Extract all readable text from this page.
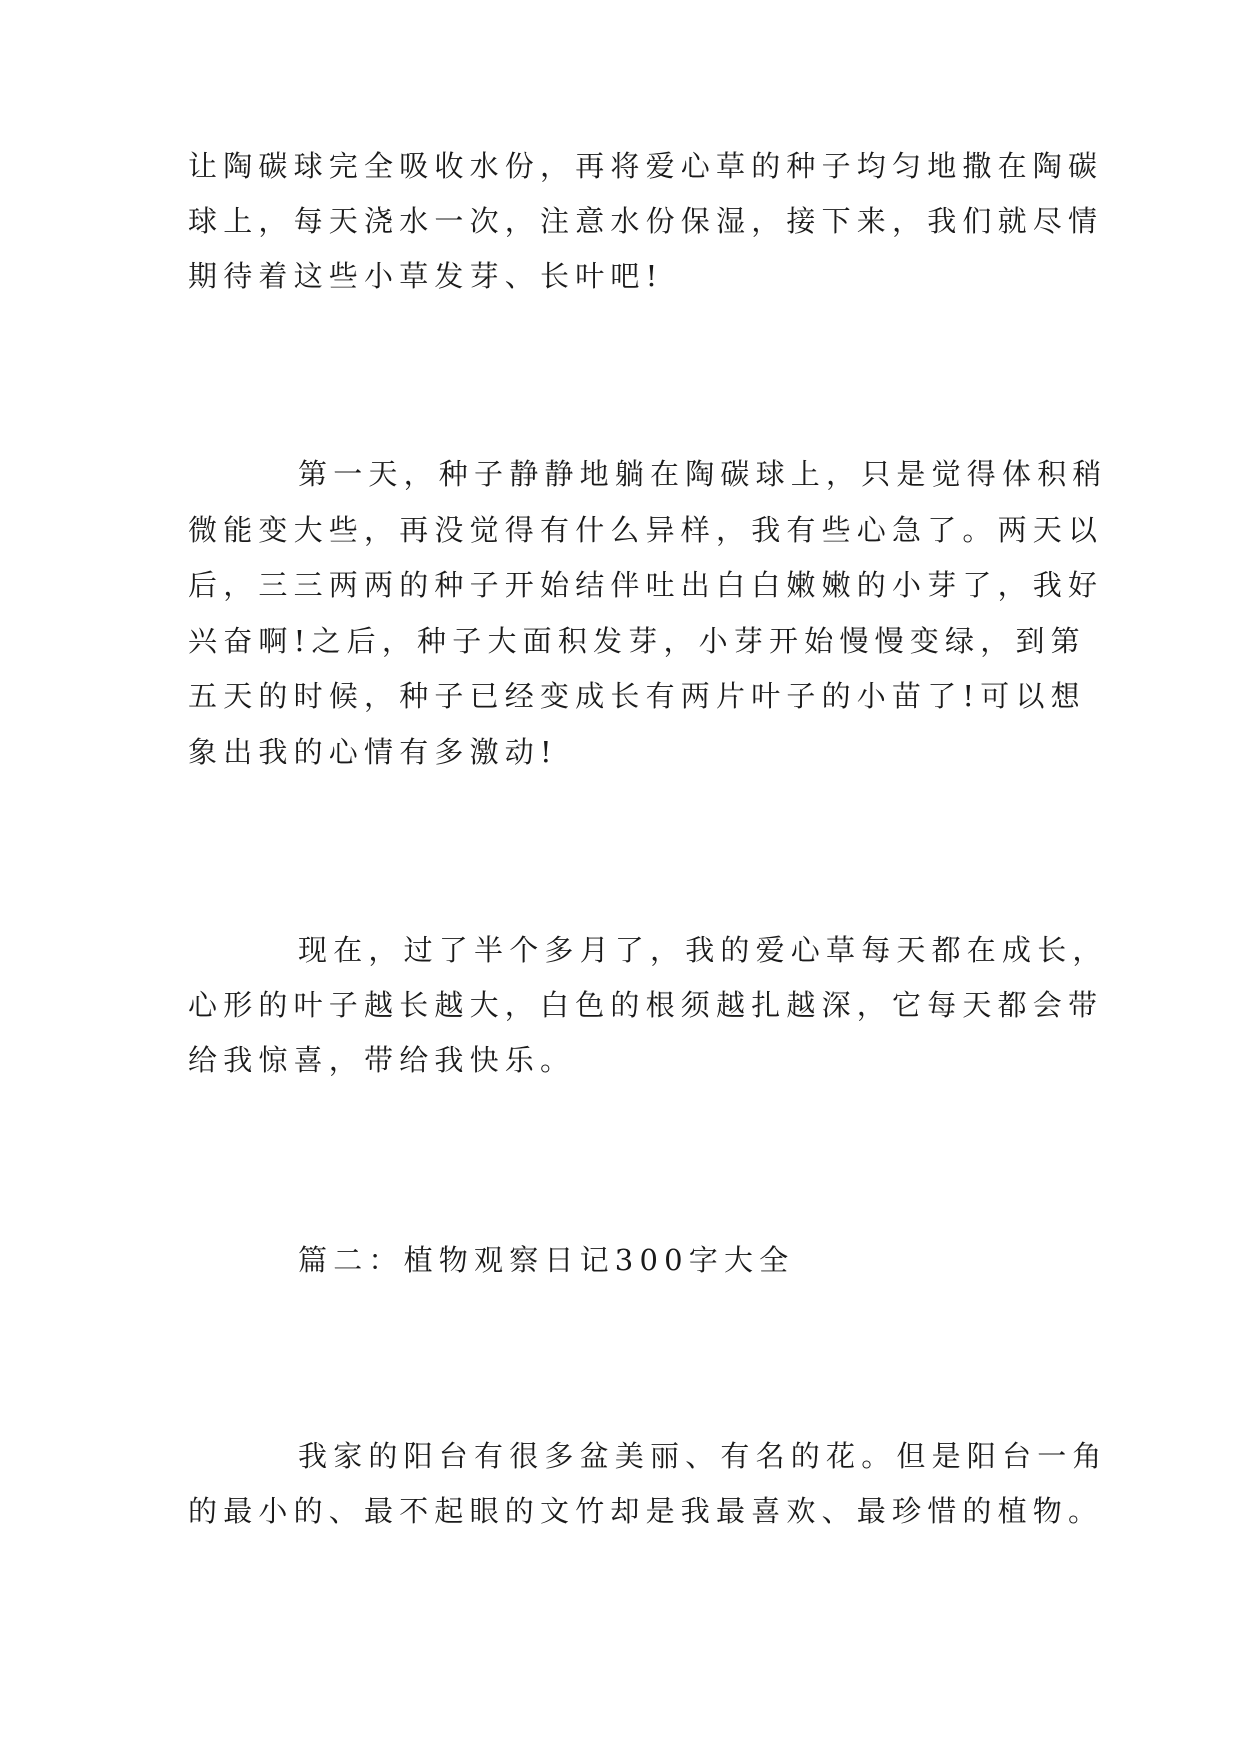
让陶碳球完全吸收水份，再将爱心草的种子均匀地撒在陶碳
球上，每天浇水一次，注意水份保湿，接下来，我们就尽情
期待着这些小草发芽、长叶吧!
第一天，种子静静地躺在陶碳球上，只是觉得体积稍
微能变大些，再没觉得有什么异样，我有些心急了。两天以
后，三三两两的种子开始结伴吐出白白嫩嫩的小芽了，我好
兴奋啊!之后，种子大面积发芽，小芽开始慢慢变绿，到第
五天的时候，种子已经变成长有两片叶子的小苗了!可以想
象出我的心情有多激动!
现在，过了半个多月了，我的爱心草每天都在成长，
心形的叶子越长越大，白色的根须越扎越深，它每天都会带
给我惊喜，带给我快乐。
篇二：植物观察日记300字大全
我家的阳台有很多盆美丽、有名的花。但是阳台一角
的最小的、最不起眼的文竹却是我最喜欢、最珍惜的植物。
